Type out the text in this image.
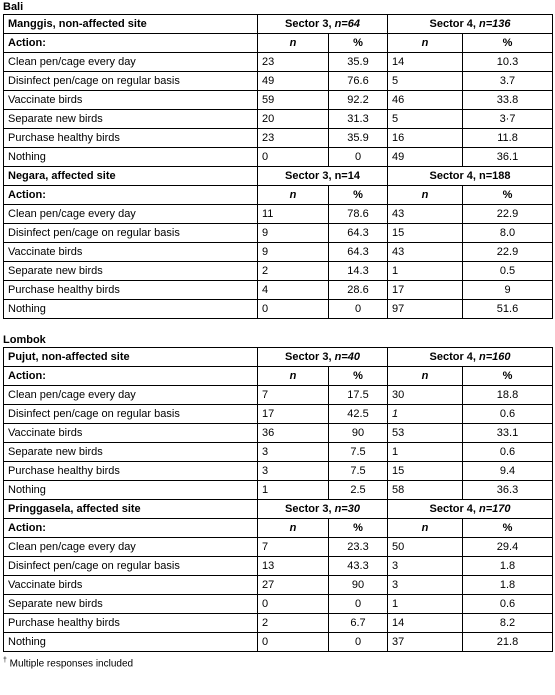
Bali
Manggis, non-affected site	Sector 3, n=64		Sector 4, n=136	
Action:	n	%	n	%
Clean pen/cage every day	23	35.9	14	10.3
Disinfect pen/cage on regular basis	49	76.6	5	3.7
Vaccinate birds	59	92.2	46	33.8
Separate new birds	20	31.3	5	3·7
Purchase healthy birds	23	35.9	16	11.8
Nothing	0	0	49	36.1
Negara, affected site	Sector 3, n=14		Sector 4, n=188	
Action:	n	%	n	%
Clean pen/cage every day	11	78.6	43	22.9
Disinfect pen/cage on regular basis	9	64.3	15	8.0
Vaccinate birds	9	64.3	43	22.9
Separate new birds	2	14.3	1	0.5
Purchase healthy birds	4	28.6	17	9
Nothing	0	0	97	51.6
Lombok
Pujut, non-affected site	Sector 3, n=40		Sector 4, n=160	
Action:	n	%	n	%
Clean pen/cage every day	7	17.5	30	18.8
Disinfect pen/cage on regular basis	17	42.5	1	0.6
Vaccinate birds	36	90	53	33.1
Separate new birds	3	7.5	1	0.6
Purchase healthy birds	3	7.5	15	9.4
Nothing	1	2.5	58	36.3
Pringgasela, affected site	Sector 3, n=30		Sector 4, n=170	
Action:	n	%	n	%
Clean pen/cage every day	7	23.3	50	29.4
Disinfect pen/cage on regular basis	13	43.3	3	1.8
Vaccinate birds	27	90	3	1.8
Separate new birds	0	0	1	0.6
Purchase healthy birds	2	6.7	14	8.2
Nothing	0	0	37	21.8
† Multiple responses included
